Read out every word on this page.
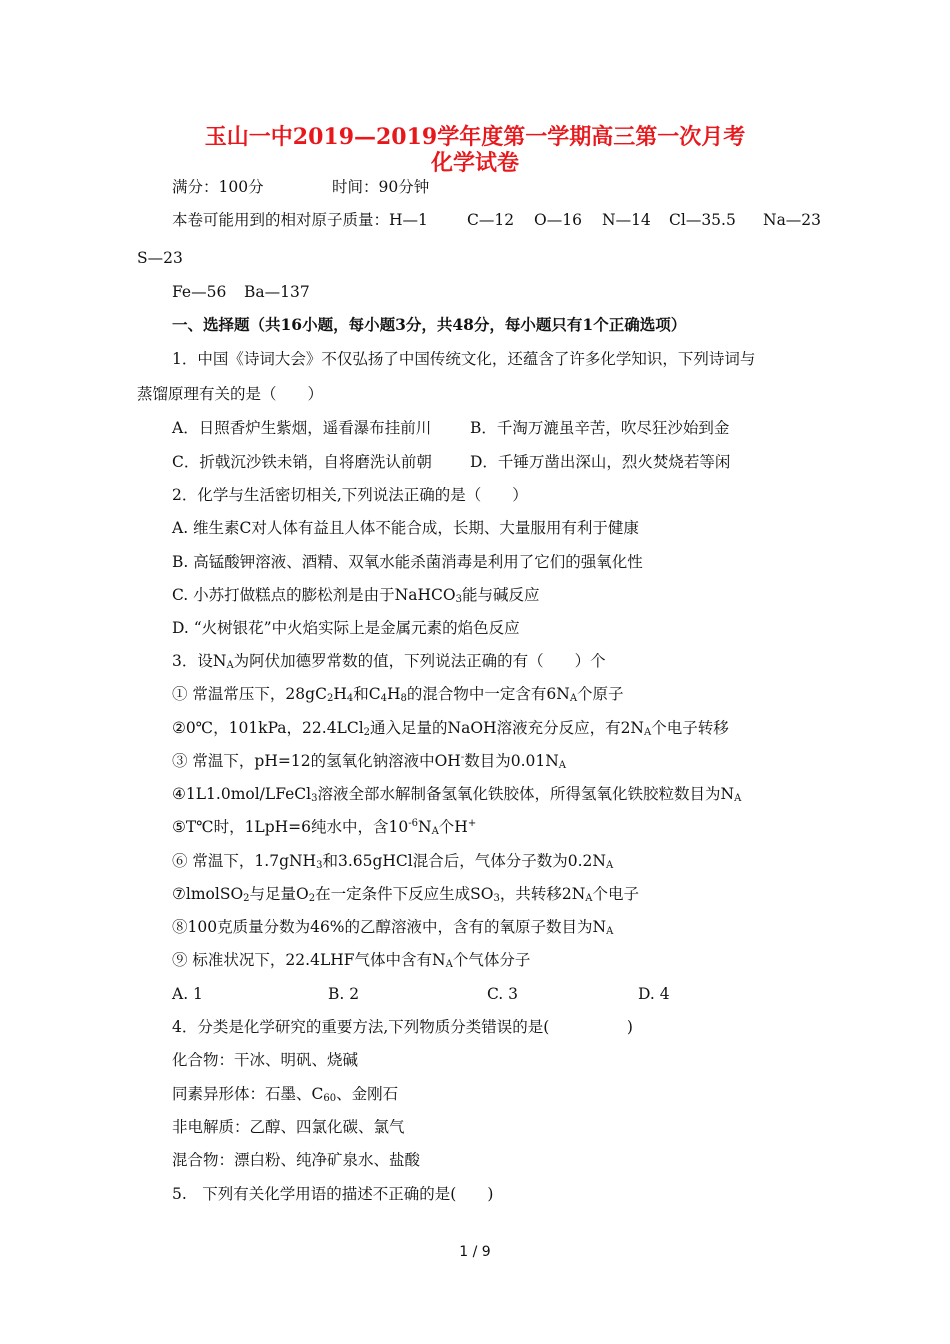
玉山一中2019—2019学年度第一学期高三第一次月考
化学试卷
满分：100分	时间：90分钟
本卷可能用到的相对原子质量：H—1	C—12 O—16 N—14 Cl—35.5 Na—23
S—23
Fe—56 Ba—137
一、选择题（共16小题，每小题3分，共48分，每小题只有1个正确选项）
1．中国《诗词大会》不仅弘扬了中国传统文化，还蕴含了许多化学知识，下列诗词与
蒸馏原理有关的是（　　）
A．日照香炉生紫烟，遥看瀑布挂前川	B．千淘万漉虽辛苦，吹尽狂沙始到金
C．折戟沉沙铁未销，自将磨洗认前朝 D．千锤万凿出深山，烈火焚烧若等闲
2．化学与生活密切相关,下列说法正确的是（　　）
A. 维生素C对人体有益且人体不能合成，长期、大量服用有利于健康
B. 高锰酸钾溶液、酒精、双氧水能杀菌消毒是利用了它们的强氧化性
C. 小苏打做糕点的膨松剂是由于NaHCO$_3$能与碱反应
D. “火树银花”中火焰实际上是金属元素的焰色反应
3．设$N_A$为阿伏加德罗常数的值，下列说法正确的有（　　）个
① 常温常压下，$28gC_2H_4$和$C_4H_8$的混合物中一定含有$6N_A$个原子
②0℃，101kPa，22.4LCl$_2$通入足量的NaOH溶液充分反应，有$2N_A$个电子转移
③ 常温下，pH=12的氢氧化钠溶液中OH-数目为$0.01N_A$
④1L1.0mol/LFeCl$_3$溶液全部水解制备氢氧化铁胶体，所得氢氧化铁胶粒数目为$N_A$
⑤T℃时，1LpH=6纯水中，含$10^{-6}N_A$个H+
⑥ 常温下，1.7gNH$_3$和3.65gHCl混合后，气体分子数为$0.2N_A$
⑦lmolSO$_2$与足量$O_2$在一定条件下反应生成$SO_3$，共转移$2N_A$个电子
⑧100克质量分数为46%的乙醇溶液中，含有的氧原子数目为$N_A$
⑨ 标准状况下，22.4LHF气体中含有$N_A$个气体分子
A. 1	B. 2	C. 3	D. 4
4．分类是化学研究的重要方法,下列物质分类错误的是(　　　　　)
化合物：干冰、明矾、烧碱
同素异形体：石墨、$C_{60}$、金刚石
非电解质：乙醇、四氯化碳、氯气
混合物：漂白粉、纯净矿泉水、盐酸
5.　下列有关化学用语的描述不正确的是(　　)
1 / 9
